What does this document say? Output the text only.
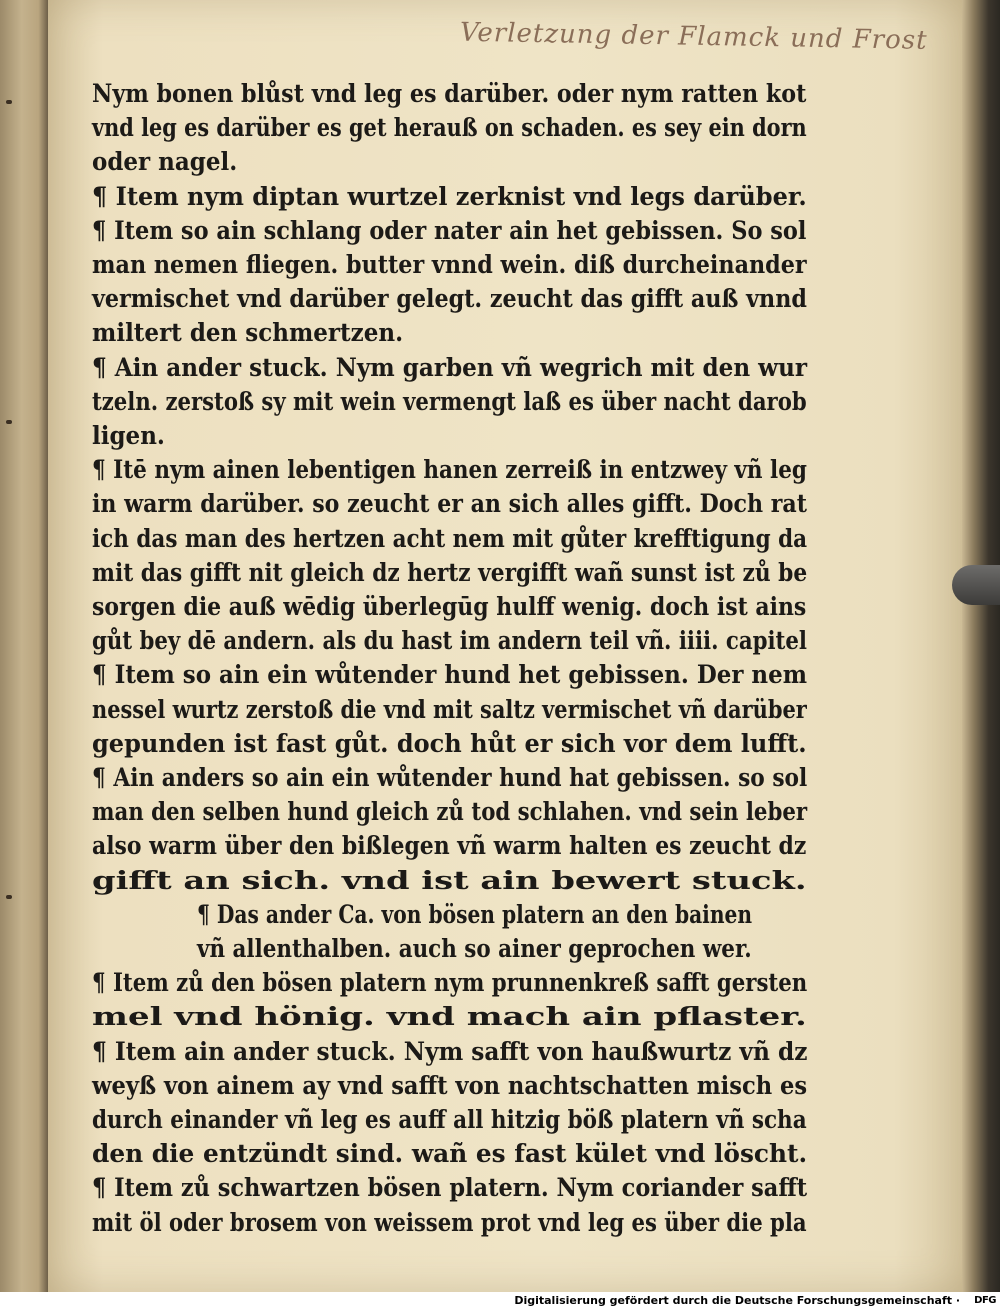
Verletzung der Flamck und Frost
Nym bonen blůst vnd leg es darüber. oder nym ratten kot
vnd leg es darüber es get herauß on schaden. es sey ein dorn
oder nagel.
¶ Item nym diptan wurtzel zerknist vnd legs darüber.
¶ Item so ain schlang oder nater ain het gebissen. So sol
man nemen fliegen. butter vnnd wein. diß durcheinander
vermischet vnd darüber gelegt. zeucht das gifft auß vnnd
miltert den schmertzen.
¶ Ain ander stuck. Nym garben vñ wegrich mit den wur
tzeln. zerstoß sy mit wein vermengt laß es über nacht darob
ligen.
¶ Itē nym ainen lebentigen hanen zerreiß in entzwey vñ leg
in warm darüber. so zeucht er an sich alles gifft. Doch rat
ich das man des hertzen acht nem mit gůter krefftigung da
mit das gifft nit gleich dz hertz vergifft wañ sunst ist zů be
sorgen die auß wēdig überlegūg hulff wenig. doch ist ains
gůt bey dē andern. als du hast im andern teil vñ. iiii. capitel
¶ Item so ain ein wůtender hund het gebissen. Der nem
nessel wurtz zerstoß die vnd mit saltz vermischet vñ darüber
gepunden ist fast gůt. doch hůt er sich vor dem lufft.
¶ Ain anders so ain ein wůtender hund hat gebissen. so sol
man den selben hund gleich zů tod schlahen. vnd sein leber
also warm über den bißlegen vñ warm halten es zeucht dz
gifft an sich. vnd ist ain bewert stuck.
¶ Das ander Ca. von bösen platern an den bainen
vñ allenthalben. auch so ainer geprochen wer.
¶ Item zů den bösen platern nym prunnenkreß safft gersten
mel vnd hönig. vnd mach ain pflaster.
¶ Item ain ander stuck. Nym safft von haußwurtz vñ dz
weyß von ainem ay vnd safft von nachtschatten misch es
durch einander vñ leg es auff all hitzig böß platern vñ scha
den die entzündt sind. wañ es fast kület vnd löscht.
¶ Item zů schwartzen bösen platern. Nym coriander safft
mit öl oder brosem von weissem prot vnd leg es über die pla
Digitalisierung gefördert durch die Deutsche Forschungsgemeinschaft · DFG
